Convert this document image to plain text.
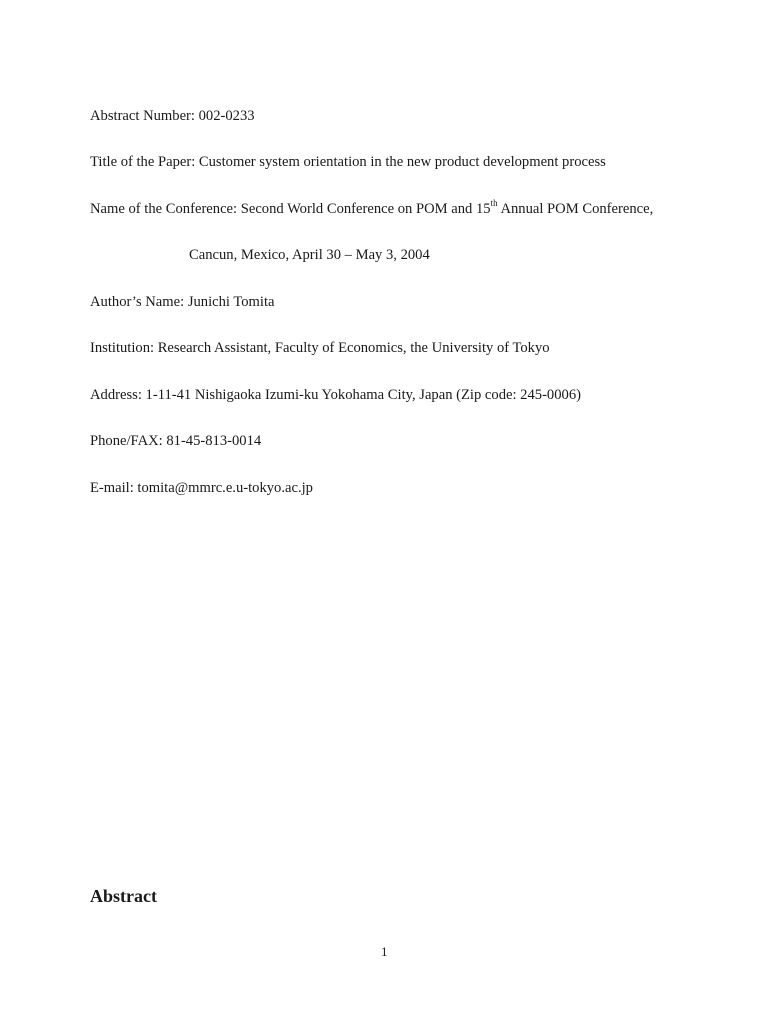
Abstract Number: 002-0233
Title of the Paper: Customer system orientation in the new product development process
Name of the Conference: Second World Conference on POM and 15th Annual POM Conference,
Cancun, Mexico, April 30 – May 3, 2004
Author’s Name: Junichi Tomita
Institution: Research Assistant, Faculty of Economics, the University of Tokyo
Address: 1-11-41 Nishigaoka Izumi-ku Yokohama City, Japan (Zip code: 245-0006)
Phone/FAX: 81-45-813-0014
E-mail: tomita@mmrc.e.u-tokyo.ac.jp
Abstract
1
